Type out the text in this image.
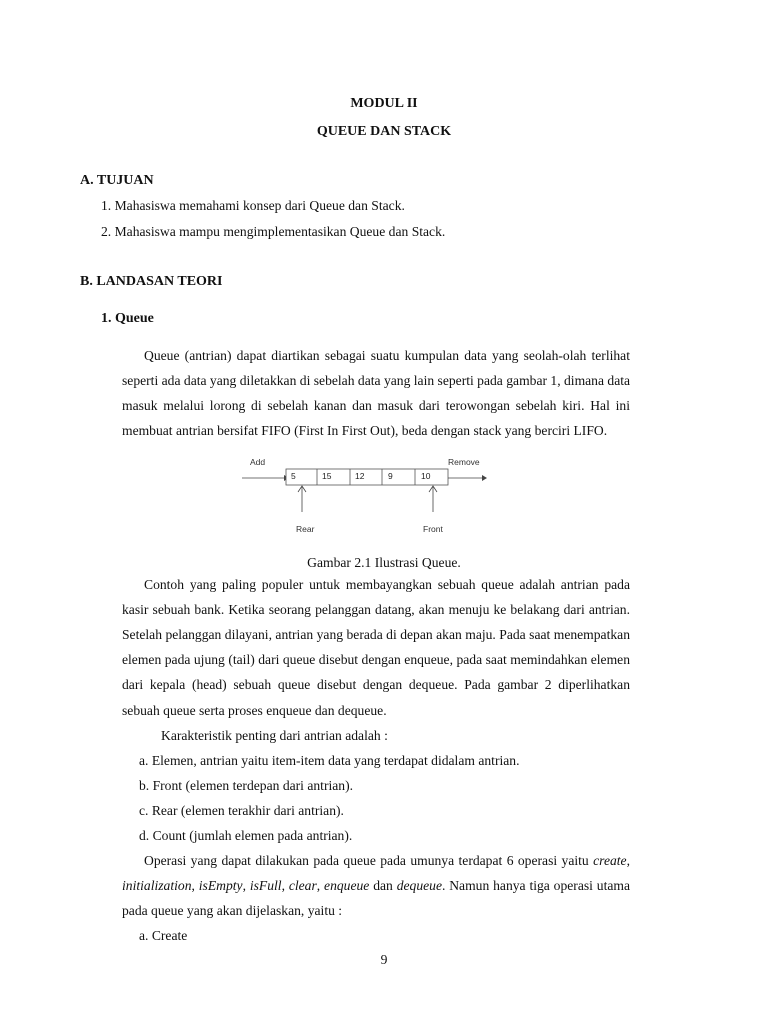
MODUL II
QUEUE DAN STACK
A. TUJUAN
1. Mahasiswa memahami konsep dari Queue dan Stack.
2. Mahasiswa mampu mengimplementasikan Queue dan Stack.
B. LANDASAN TEORI
1. Queue
Queue (antrian) dapat diartikan sebagai suatu kumpulan data yang seolah-olah terlihat
seperti ada data yang diletakkan di sebelah data yang lain seperti pada gambar 1, dimana data
masuk melalui lorong di sebelah kanan dan masuk dari terowongan sebelah kiri. Hal ini
membuat antrian bersifat FIFO (First In First Out), beda dengan stack yang berciri LIFO.
Add	Remove
5	15	12	9	10
Rear	Front
Gambar 2.1 Ilustrasi Queue.
Contoh yang paling populer untuk membayangkan sebuah queue adalah antrian pada
kasir sebuah bank. Ketika seorang pelanggan datang, akan menuju ke belakang dari antrian.
Setelah pelanggan dilayani, antrian yang berada di depan akan maju. Pada saat menempatkan
elemen pada ujung (tail) dari queue disebut dengan enqueue, pada saat memindahkan elemen
dari kepala (head) sebuah queue disebut dengan dequeue. Pada gambar 2 diperlihatkan
sebuah queue serta proses enqueue dan dequeue.
Karakteristik penting dari antrian adalah :
a. Elemen, antrian yaitu item-item data yang terdapat didalam antrian.
b. Front (elemen terdepan dari antrian).
c. Rear (elemen terakhir dari antrian).
d. Count (jumlah elemen pada antrian).
Operasi yang dapat dilakukan pada queue pada umunya terdapat 6 operasi yaitu create,
initialization, isEmpty, isFull, clear, enqueue dan dequeue. Namun hanya tiga operasi utama
pada queue yang akan dijelaskan, yaitu :
a. Create
9
